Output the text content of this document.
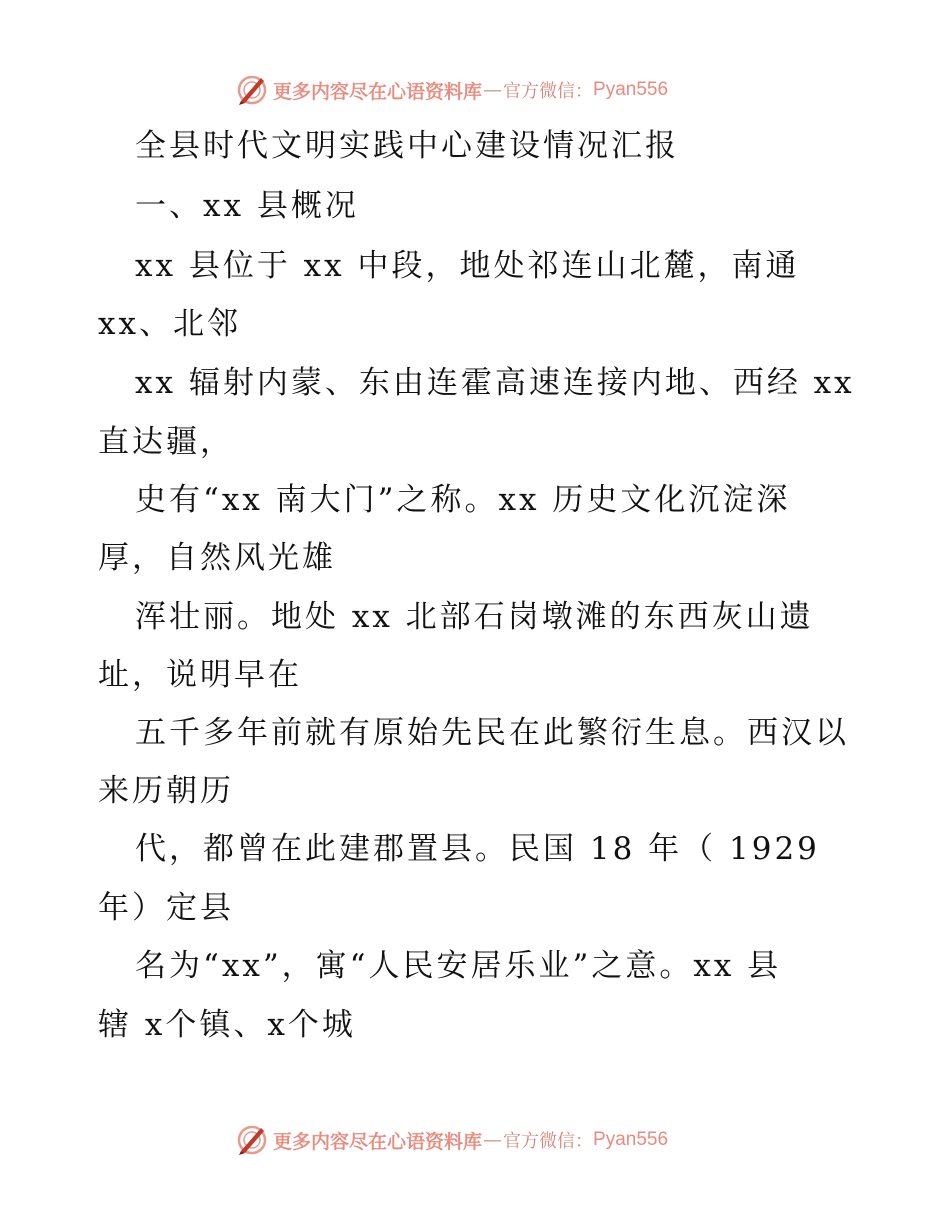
更多内容尽在心语资料库 — 官方微信： Pyan556

全县时代文明实践中心建设情况汇报

一、xx 县概况

xx 县位于 xx 中段，地处祁连山北麓，南通

xx、北邻

xx 辐射内蒙、东由连霍高速连接内地、西经 xx

直达疆，

史有“xx 南大门”之称。xx 历史文化沉淀深

厚，自然风光雄

浑壮丽。地处 xx 北部石岗墩滩的东西灰山遗

址，说明早在

五千多年前就有原始先民在此繁衍生息。西汉以

来历朝历

代，都曾在此建郡置县。民国 18 年（ 1929

年）定县

名为“xx”，寓“人民安居乐业”之意。xx 县

辖 x个镇、x个城

更多内容尽在心语资料库 — 官方微信： Pyan556
